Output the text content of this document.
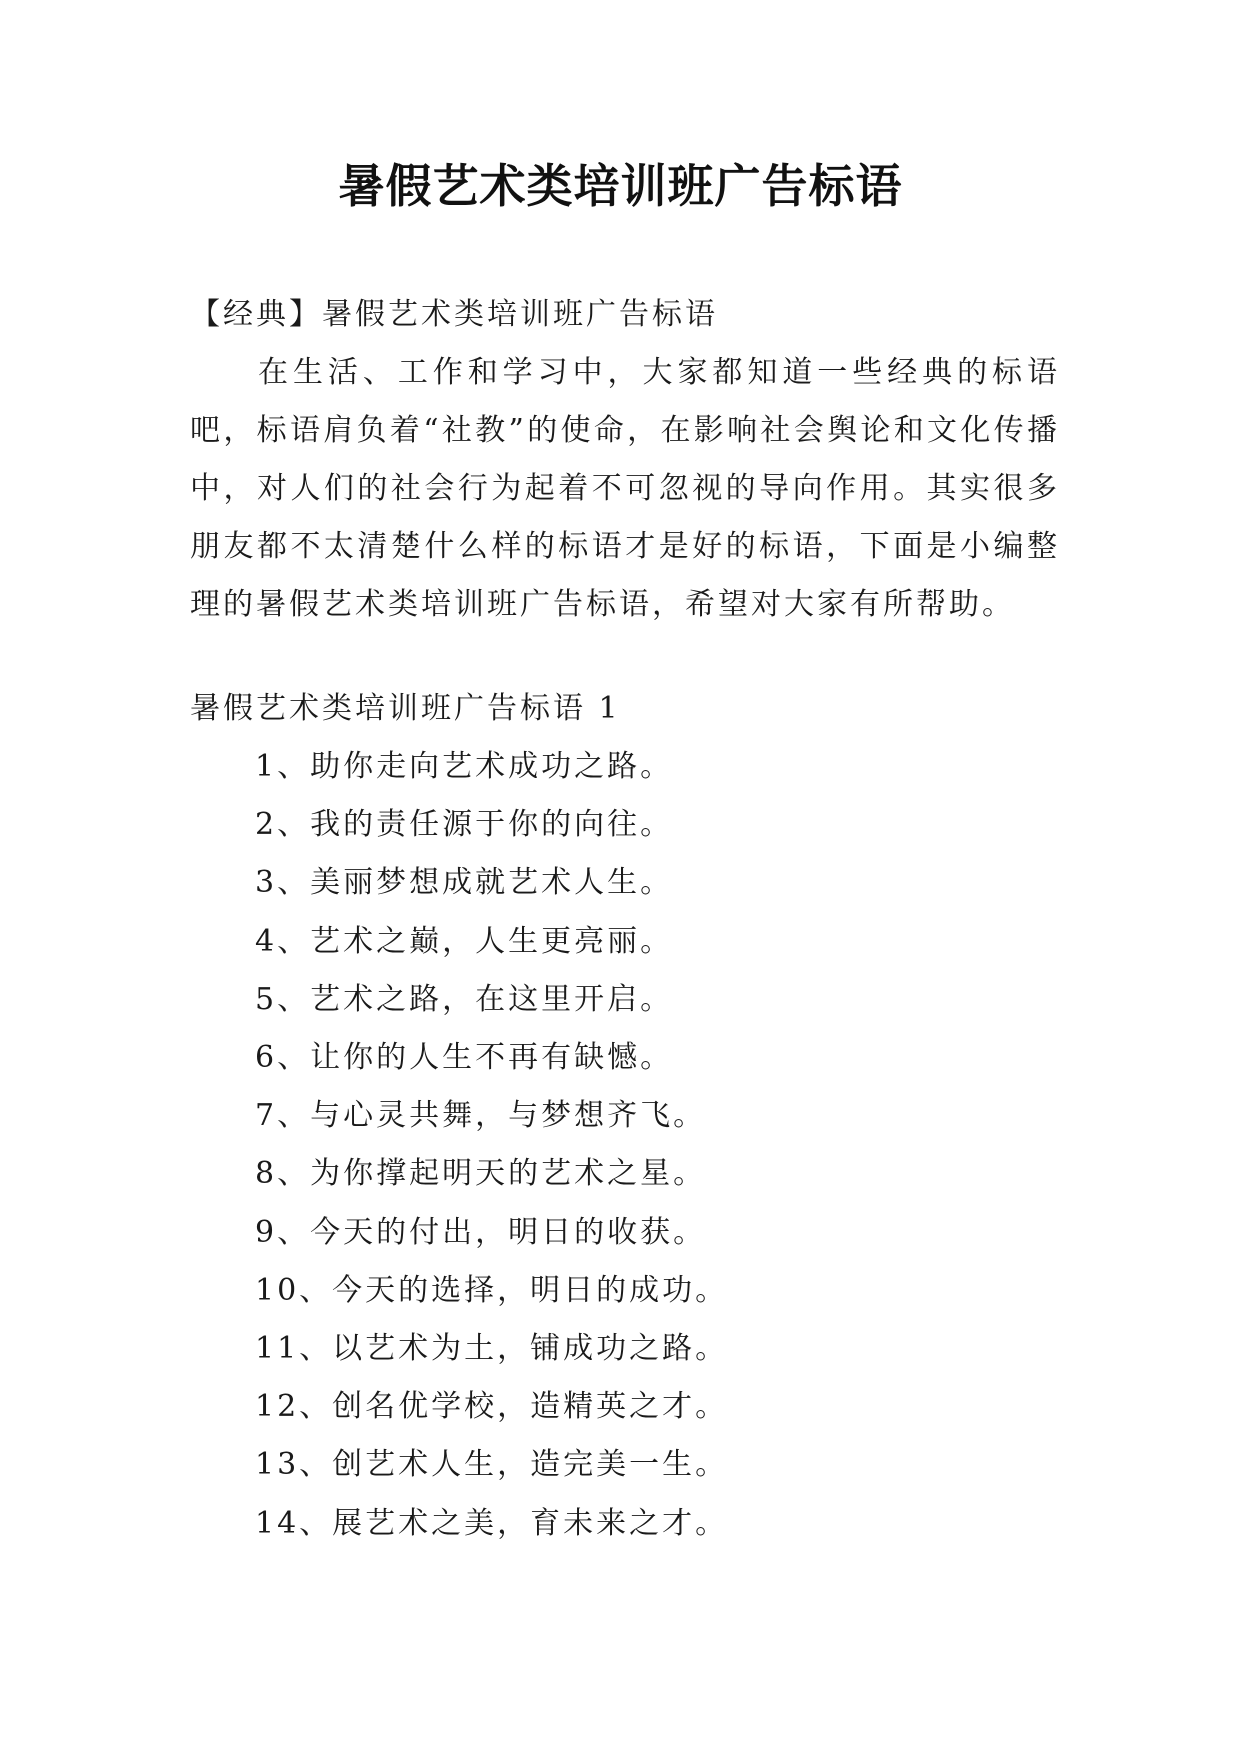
暑假艺术类培训班广告标语

【经典】暑假艺术类培训班广告标语

在生活、工作和学习中，大家都知道一些经典的标语吧，标语肩负着“社教”的使命，在影响社会舆论和文化传播中，对人们的社会行为起着不可忽视的导向作用。其实很多朋友都不太清楚什么样的标语才是好的标语，下面是小编整理的暑假艺术类培训班广告标语，希望对大家有所帮助。

暑假艺术类培训班广告标语 1

1、助你走向艺术成功之路。
2、我的责任源于你的向往。
3、美丽梦想成就艺术人生。
4、艺术之巅，人生更亮丽。
5、艺术之路，在这里开启。
6、让你的人生不再有缺憾。
7、与心灵共舞，与梦想齐飞。
8、为你撑起明天的艺术之星。
9、今天的付出，明日的收获。
10、今天的选择，明日的成功。
11、以艺术为土，铺成功之路。
12、创名优学校，造精英之才。
13、创艺术人生，造完美一生。
14、展艺术之美，育未来之才。
